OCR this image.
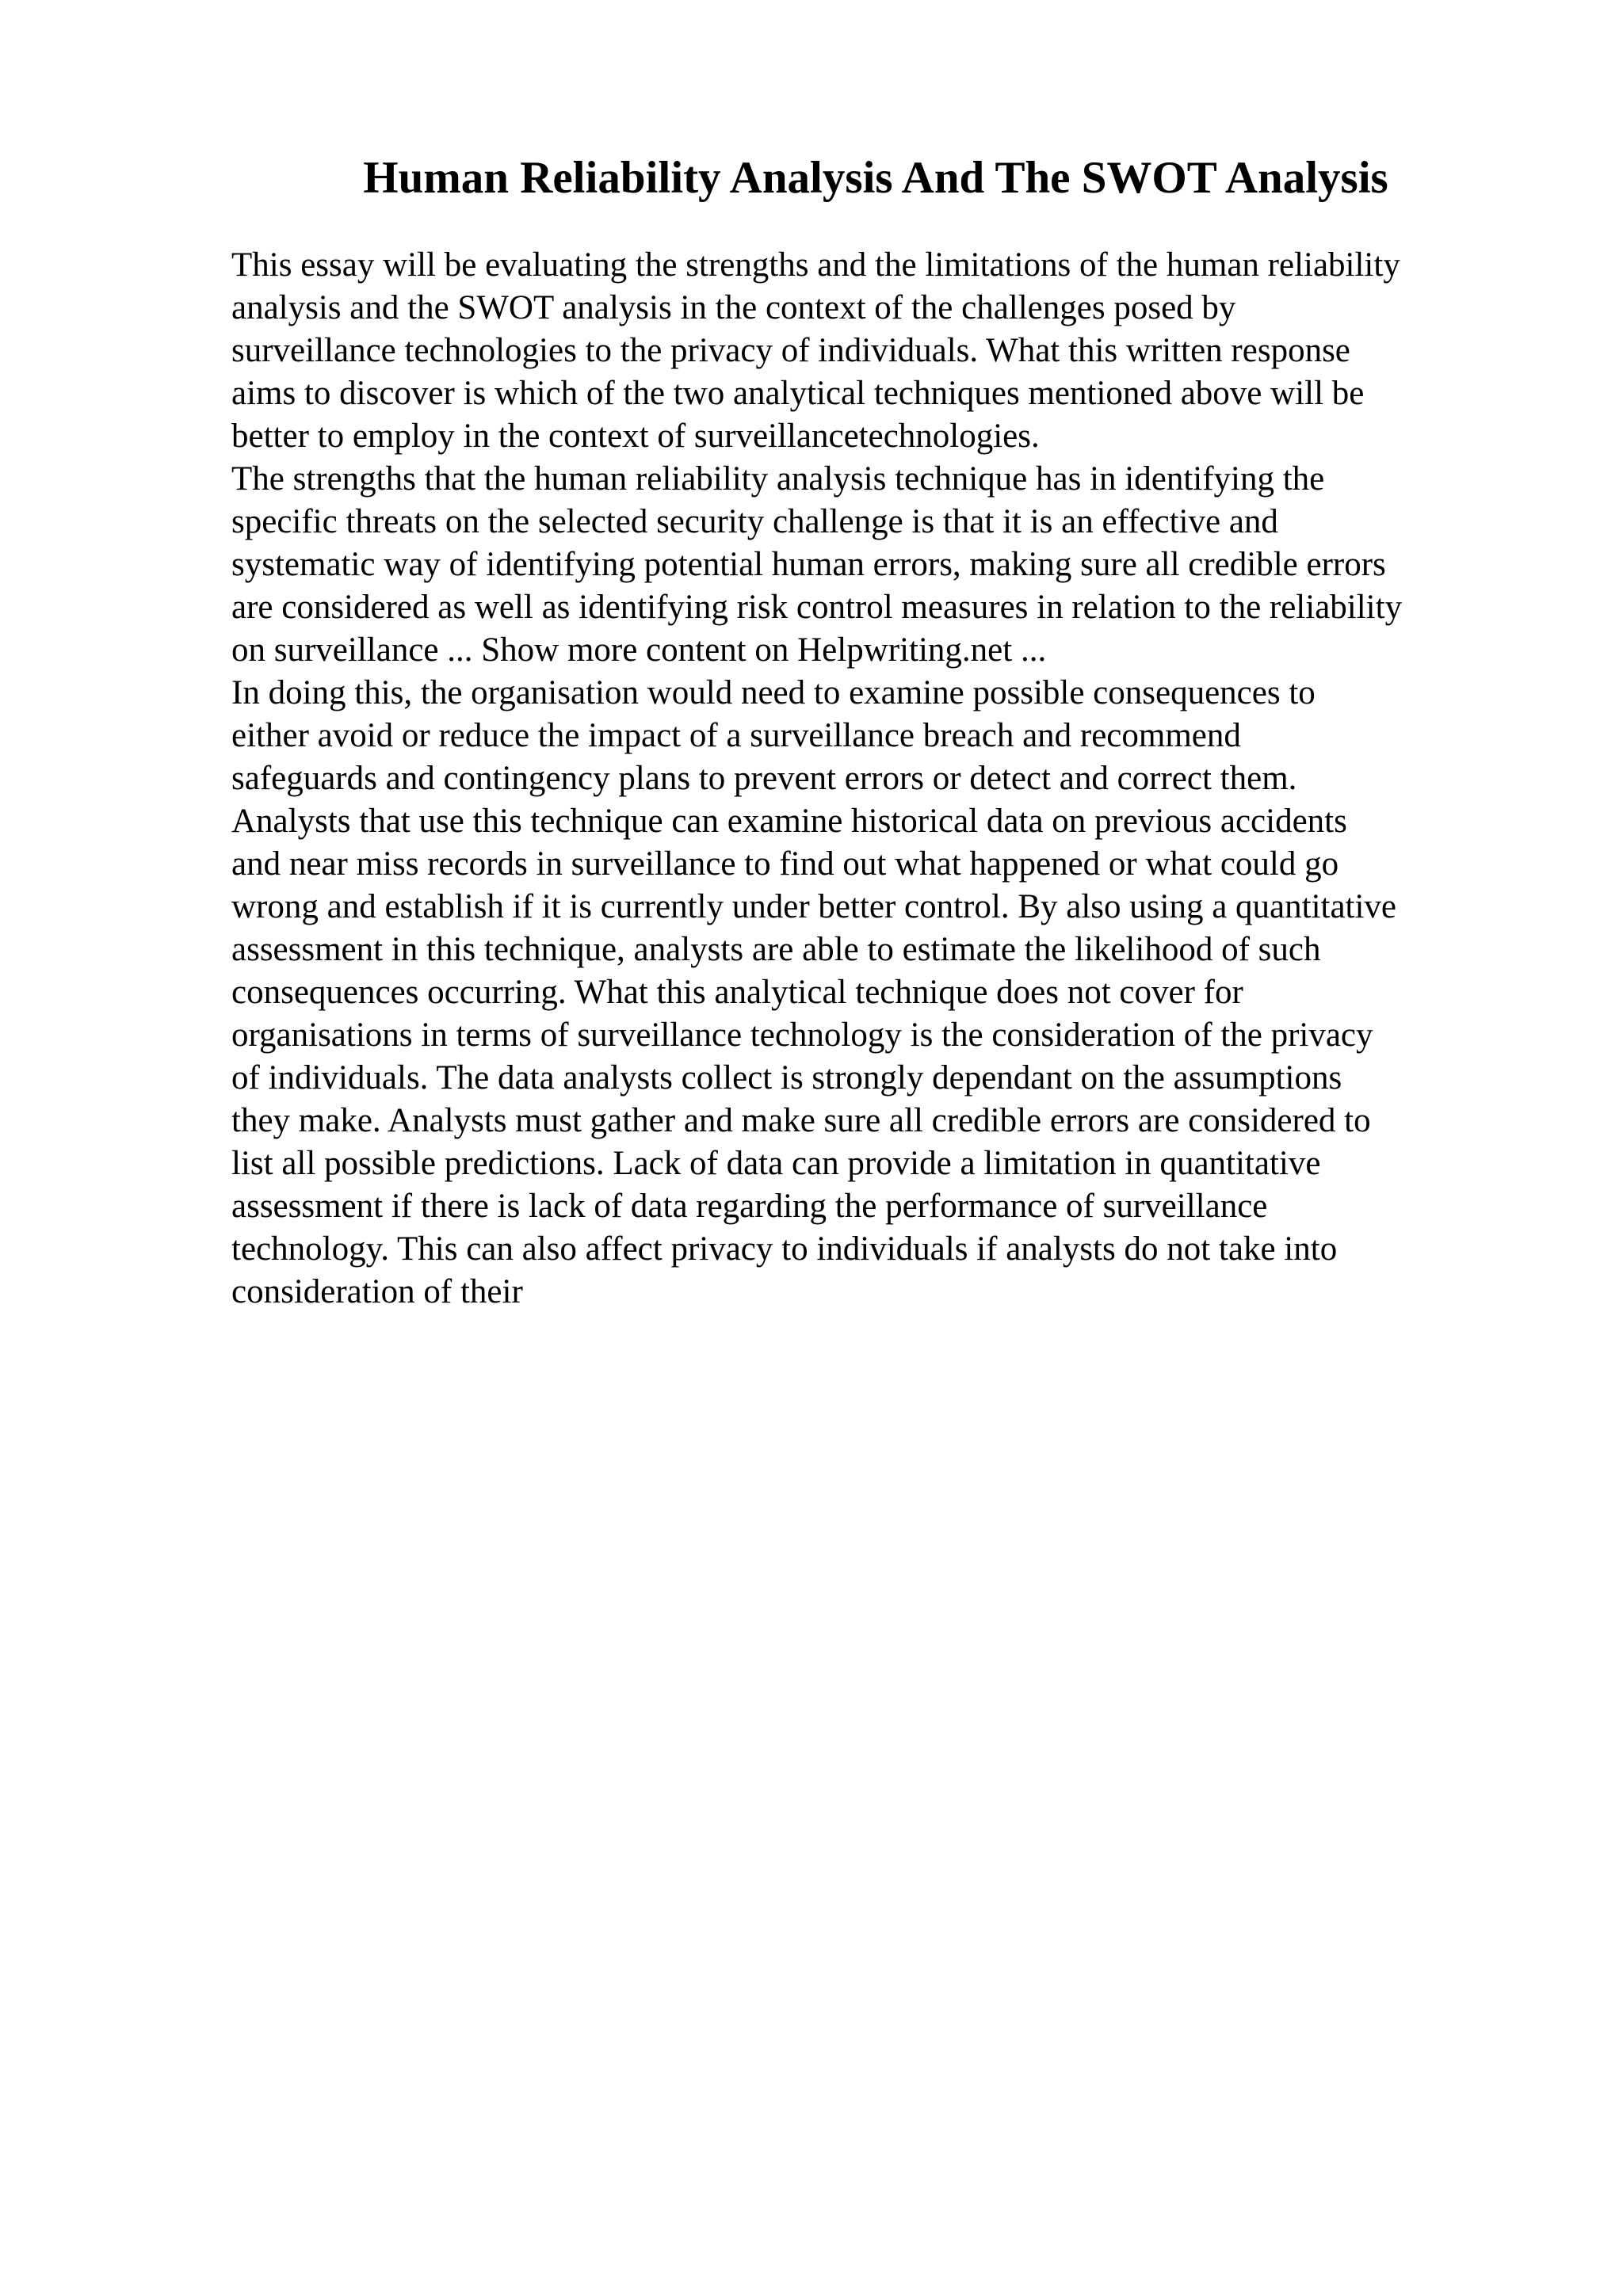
Human Reliability Analysis And The SWOT Analysis
This essay will be evaluating the strengths and the limitations of the human reliability
analysis and the SWOT analysis in the context of the challenges posed by
surveillance technologies to the privacy of individuals. What this written response
aims to discover is which of the two analytical techniques mentioned above will be
better to employ in the context of surveillancetechnologies.
The strengths that the human reliability analysis technique has in identifying the
specific threats on the selected security challenge is that it is an effective and
systematic way of identifying potential human errors, making sure all credible errors
are considered as well as identifying risk control measures in relation to the reliability
on surveillance ... Show more content on Helpwriting.net ...
In doing this, the organisation would need to examine possible consequences to
either avoid or reduce the impact of a surveillance breach and recommend
safeguards and contingency plans to prevent errors or detect and correct them.
Analysts that use this technique can examine historical data on previous accidents
and near miss records in surveillance to find out what happened or what could go
wrong and establish if it is currently under better control. By also using a quantitative
assessment in this technique, analysts are able to estimate the likelihood of such
consequences occurring. What this analytical technique does not cover for
organisations in terms of surveillance technology is the consideration of the privacy
of individuals. The data analysts collect is strongly dependant on the assumptions
they make. Analysts must gather and make sure all credible errors are considered to
list all possible predictions. Lack of data can provide a limitation in quantitative
assessment if there is lack of data regarding the performance of surveillance
technology. This can also affect privacy to individuals if analysts do not take into
consideration of their
